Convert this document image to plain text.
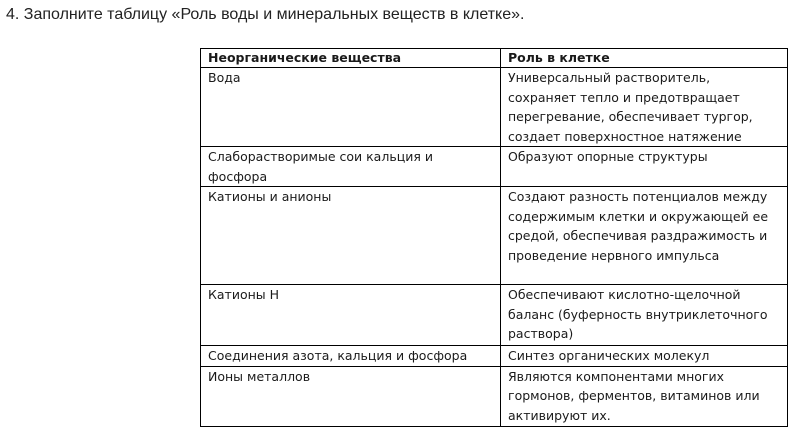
4. Заполните таблицу «Роль воды и минеральных веществ в клетке».
Неорганические вещества	Роль в клетке
Вода	Универсальный растворитель, сохраняет тепло и предотвращает перегревание, обеспечивает тургор, создает поверхностное натяжение
Слаборастворимые сои кальция и фосфора	Образуют опорные структуры
Катионы и анионы	Создают разность потенциалов между содержимым клетки и окружающей ее средой, обеспечивая раздражимость и проведение нервного импульса
Катионы Н	Обеспечивают кислотно-щелочной баланс (буферность внутриклеточного раствора)
Соединения азота, кальция и фосфора	Синтез органических молекул
Ионы металлов	Являются компонентами многих гормонов, ферментов, витаминов или активируют их.
